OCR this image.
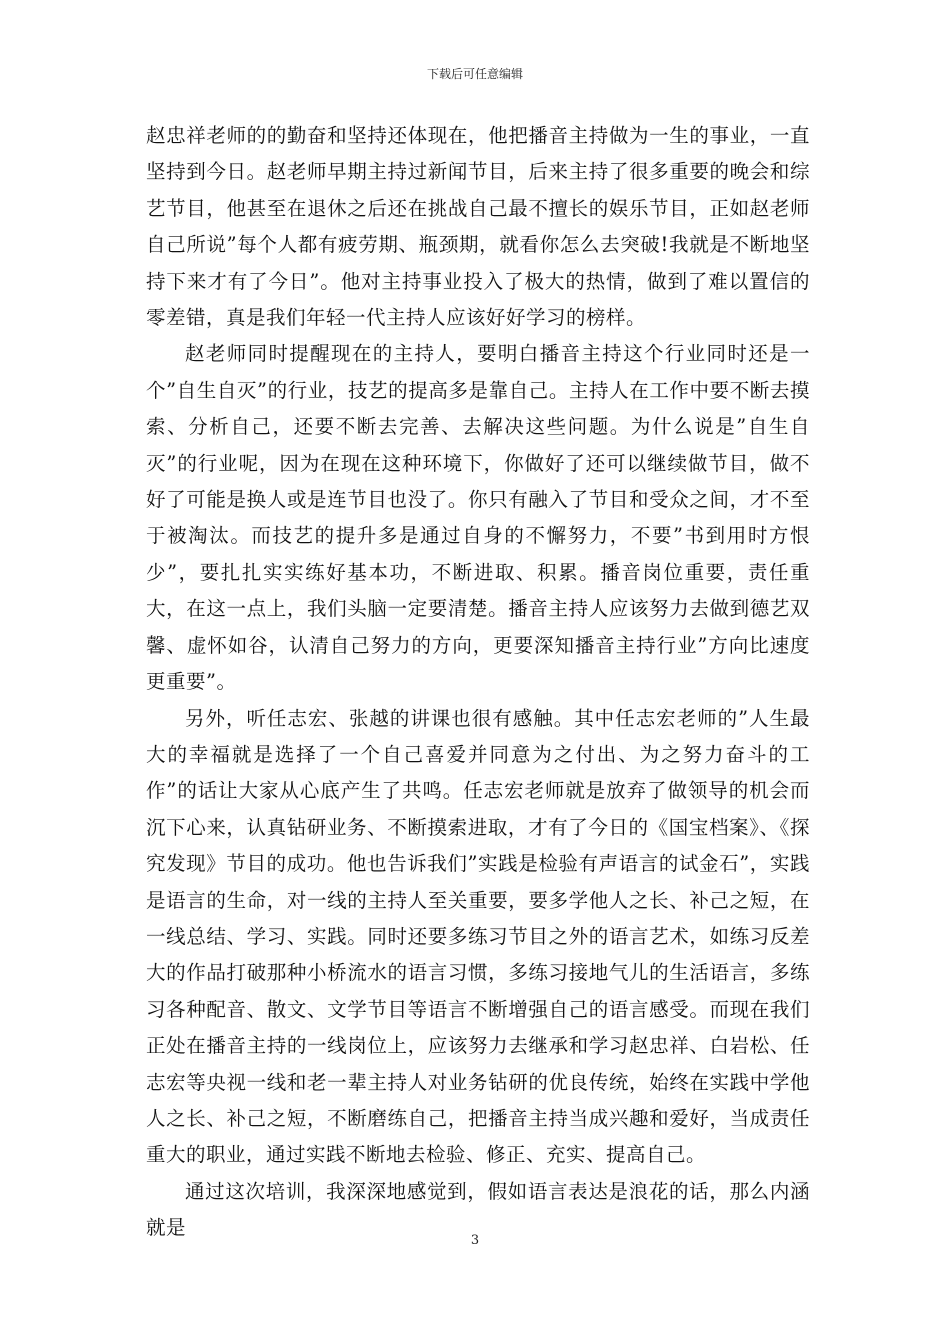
下载后可任意编辑

赵忠祥老师的的勤奋和坚持还体现在，他把播音主持做为一生的事业，一直坚持到今日。赵老师早期主持过新闻节目，后来主持了很多重要的晚会和综艺节目，他甚至在退休之后还在挑战自己最不擅长的娱乐节目，正如赵老师自己所说”每个人都有疲劳期、瓶颈期，就看你怎么去突破!我就是不断地坚持下来才有了今日”。他对主持事业投入了极大的热情，做到了难以置信的零差错，真是我们年轻一代主持人应该好好学习的榜样。

赵老师同时提醒现在的主持人，要明白播音主持这个行业同时还是一个”自生自灭”的行业，技艺的提高多是靠自己。主持人在工作中要不断去摸索、分析自己，还要不断去完善、去解决这些问题。为什么说是”自生自灭”的行业呢，因为在现在这种环境下，你做好了还可以继续做节目，做不好了可能是换人或是连节目也没了。你只有融入了节目和受众之间，才不至于被淘汰。而技艺的提升多是通过自身的不懈努力，不要”书到用时方恨少”，要扎扎实实练好基本功，不断进取、积累。播音岗位重要，责任重大，在这一点上，我们头脑一定要清楚。播音主持人应该努力去做到德艺双馨、虚怀如谷，认清自己努力的方向，更要深知播音主持行业”方向比速度更重要”。

另外，听任志宏、张越的讲课也很有感触。其中任志宏老师的”人生最大的幸福就是选择了一个自己喜爱并同意为之付出、为之努力奋斗的工作”的话让大家从心底产生了共鸣。任志宏老师就是放弃了做领导的机会而沉下心来，认真钻研业务、不断摸索进取，才有了今日的《国宝档案》、《探究发现》节目的成功。他也告诉我们”实践是检验有声语言的试金石”，实践是语言的生命，对一线的主持人至关重要，要多学他人之长、补己之短，在一线总结、学习、实践。同时还要多练习节目之外的语言艺术，如练习反差大的作品打破那种小桥流水的语言习惯，多练习接地气儿的生活语言，多练习各种配音、散文、文学节目等语言不断增强自己的语言感受。而现在我们正处在播音主持的一线岗位上，应该努力去继承和学习赵忠祥、白岩松、任志宏等央视一线和老一辈主持人对业务钻研的优良传统，始终在实践中学他人之长、补己之短，不断磨练自己，把播音主持当成兴趣和爱好，当成责任重大的职业，通过实践不断地去检验、修正、充实、提高自己。

通过这次培训，我深深地感觉到，假如语言表达是浪花的话，那么内涵就是

3
